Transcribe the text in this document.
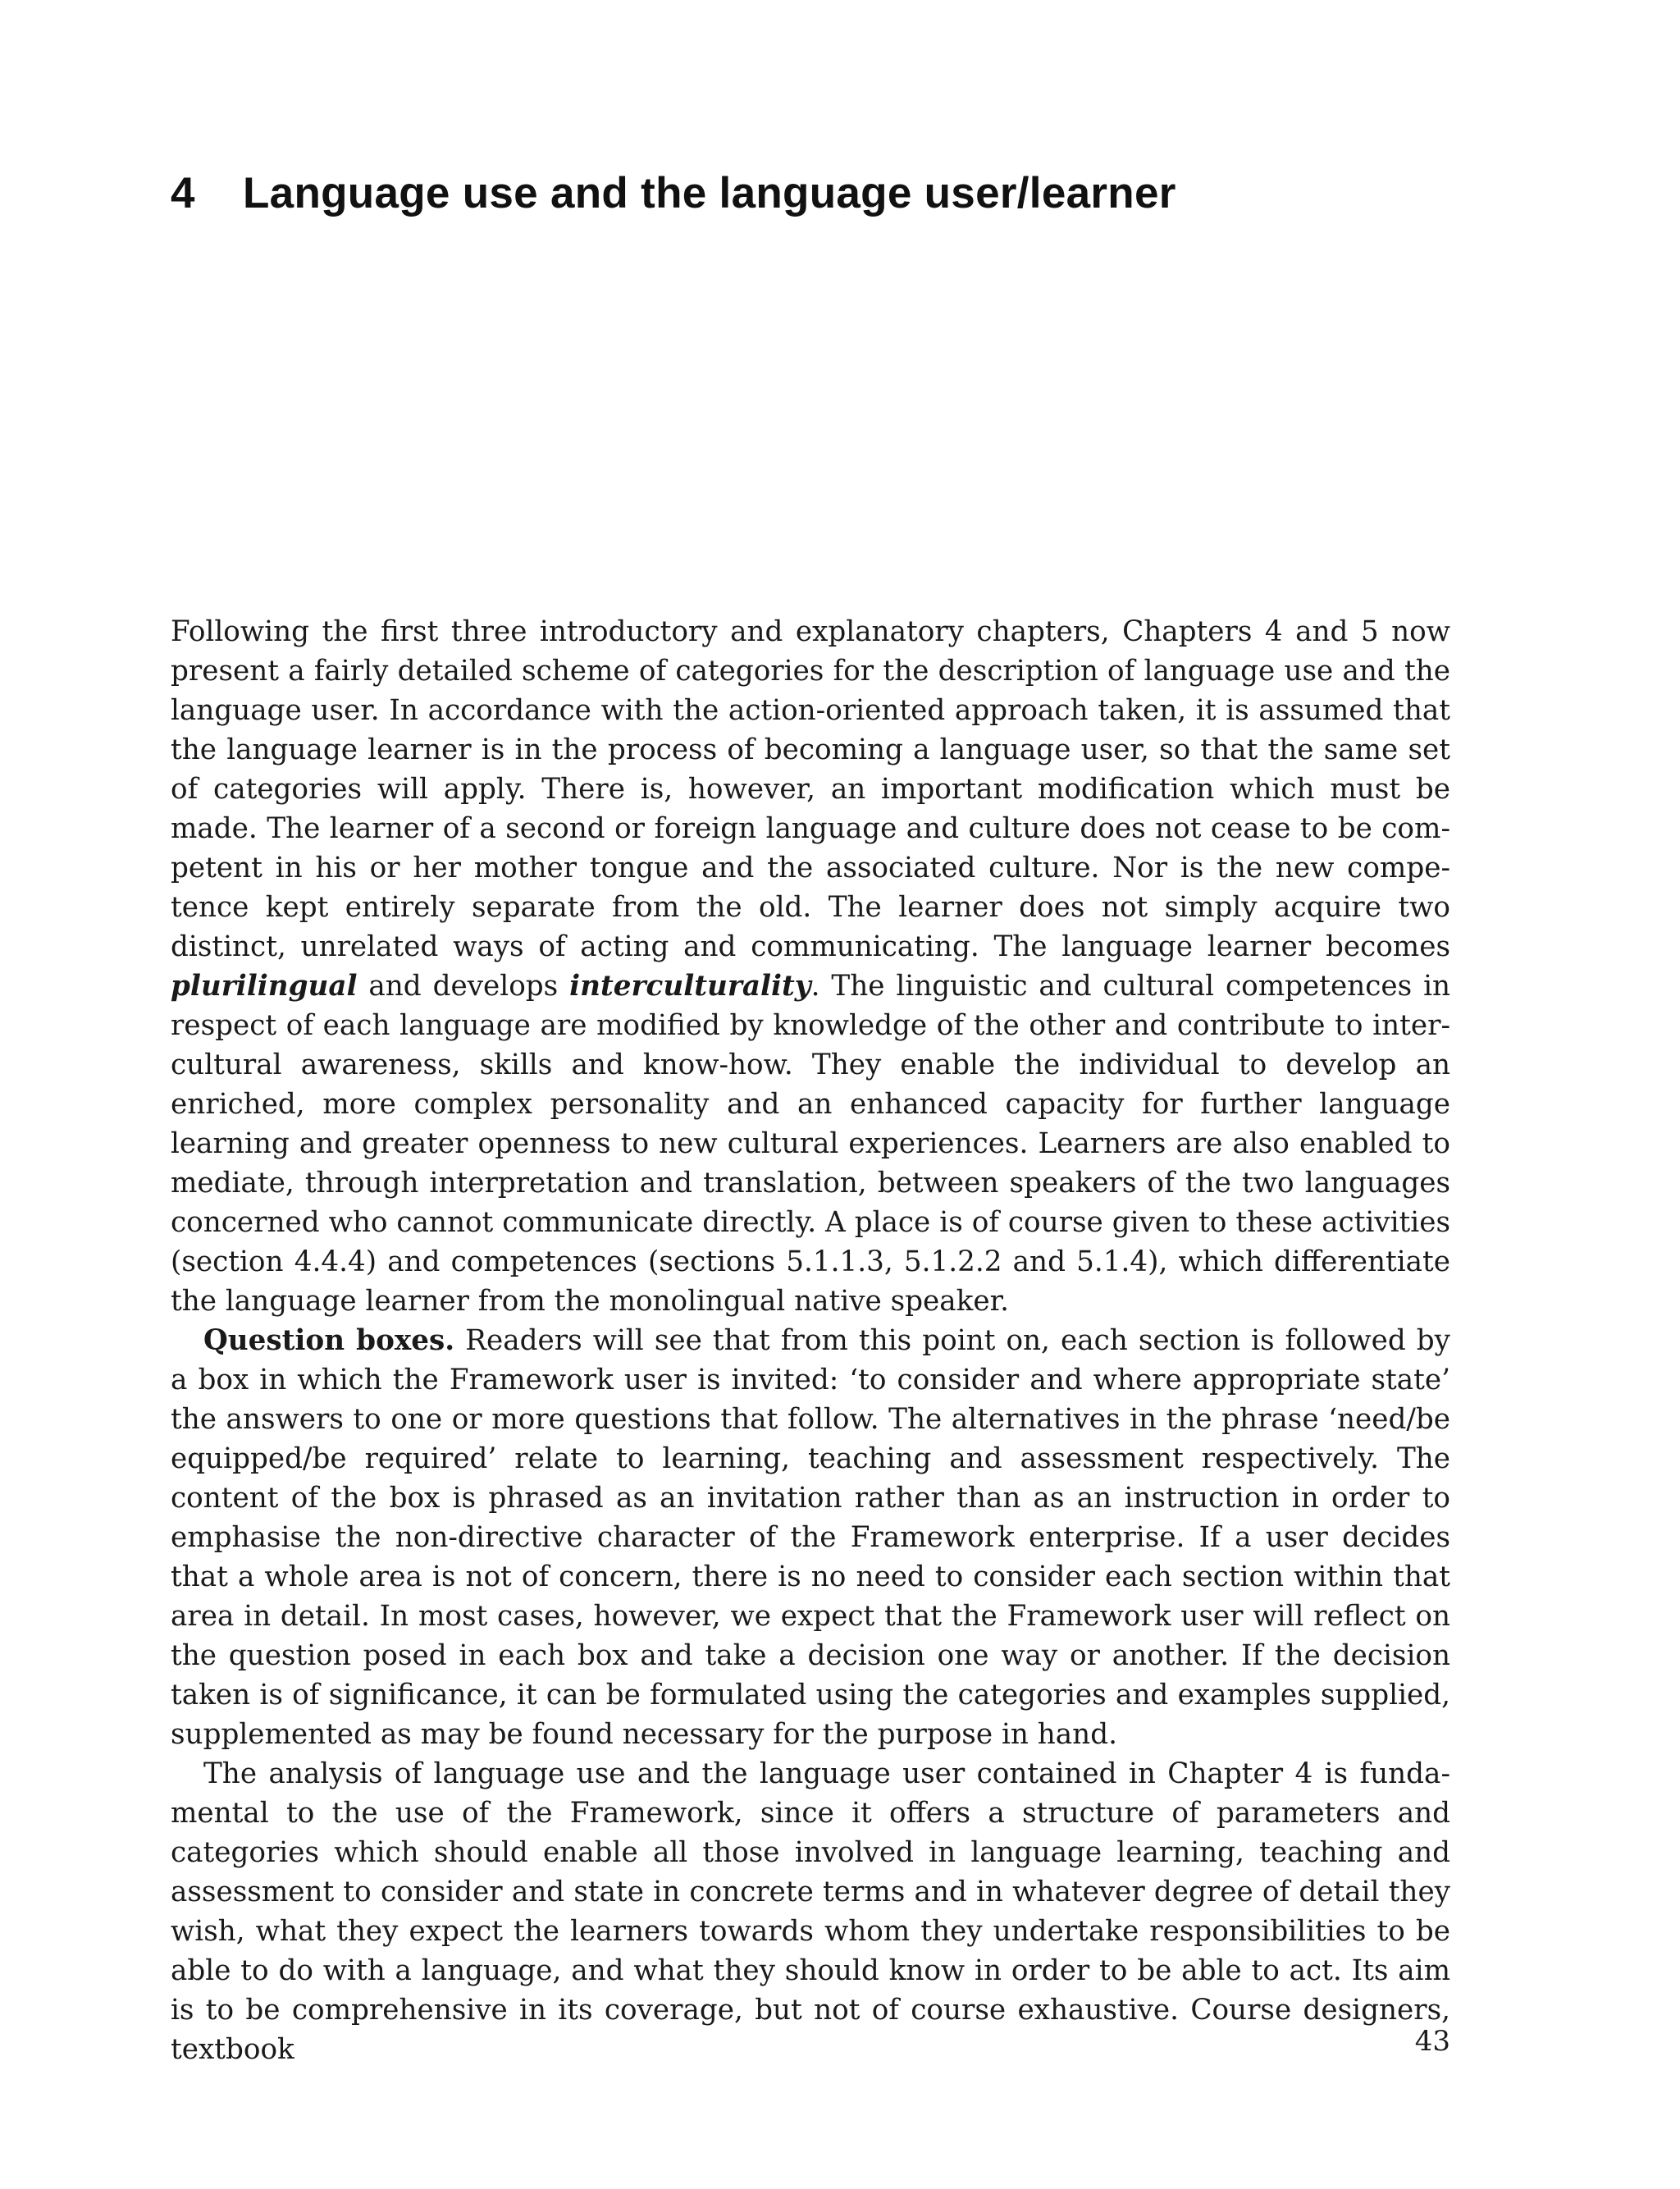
4 Language use and the language user/learner

Following the first three introductory and explanatory chapters, Chapters 4 and 5 now present a fairly detailed scheme of categories for the description of language use and the language user. In accordance with the action-oriented approach taken, it is assumed that the language learner is in the process of becoming a language user, so that the same set of categories will apply. There is, however, an important modification which must be made. The learner of a second or foreign language and culture does not cease to be competent in his or her mother tongue and the associated culture. Nor is the new competence kept entirely separate from the old. The learner does not simply acquire two distinct, unrelated ways of acting and communicating. The language learner becomes plurilingual and develops interculturality. The linguistic and cultural competences in respect of each language are modified by knowledge of the other and contribute to intercultural awareness, skills and know-how. They enable the individual to develop an enriched, more complex personality and an enhanced capacity for further language learning and greater openness to new cultural experiences. Learners are also enabled to mediate, through interpretation and translation, between speakers of the two languages concerned who cannot communicate directly. A place is of course given to these activities (section 4.4.4) and competences (sections 5.1.1.3, 5.1.2.2 and 5.1.4), which differentiate the language learner from the monolingual native speaker.

Question boxes. Readers will see that from this point on, each section is followed by a box in which the Framework user is invited: ‘to consider and where appropriate state’ the answers to one or more questions that follow. The alternatives in the phrase ‘need/be equipped/be required’ relate to learning, teaching and assessment respectively. The content of the box is phrased as an invitation rather than as an instruction in order to emphasise the non-directive character of the Framework enterprise. If a user decides that a whole area is not of concern, there is no need to consider each section within that area in detail. In most cases, however, we expect that the Framework user will reflect on the question posed in each box and take a decision one way or another. If the decision taken is of significance, it can be formulated using the categories and examples supplied, supplemented as may be found necessary for the purpose in hand.

The analysis of language use and the language user contained in Chapter 4 is fundamental to the use of the Framework, since it offers a structure of parameters and categories which should enable all those involved in language learning, teaching and assessment to consider and state in concrete terms and in whatever degree of detail they wish, what they expect the learners towards whom they undertake responsibilities to be able to do with a language, and what they should know in order to be able to act. Its aim is to be comprehensive in its coverage, but not of course exhaustive. Course designers, textbook	43
